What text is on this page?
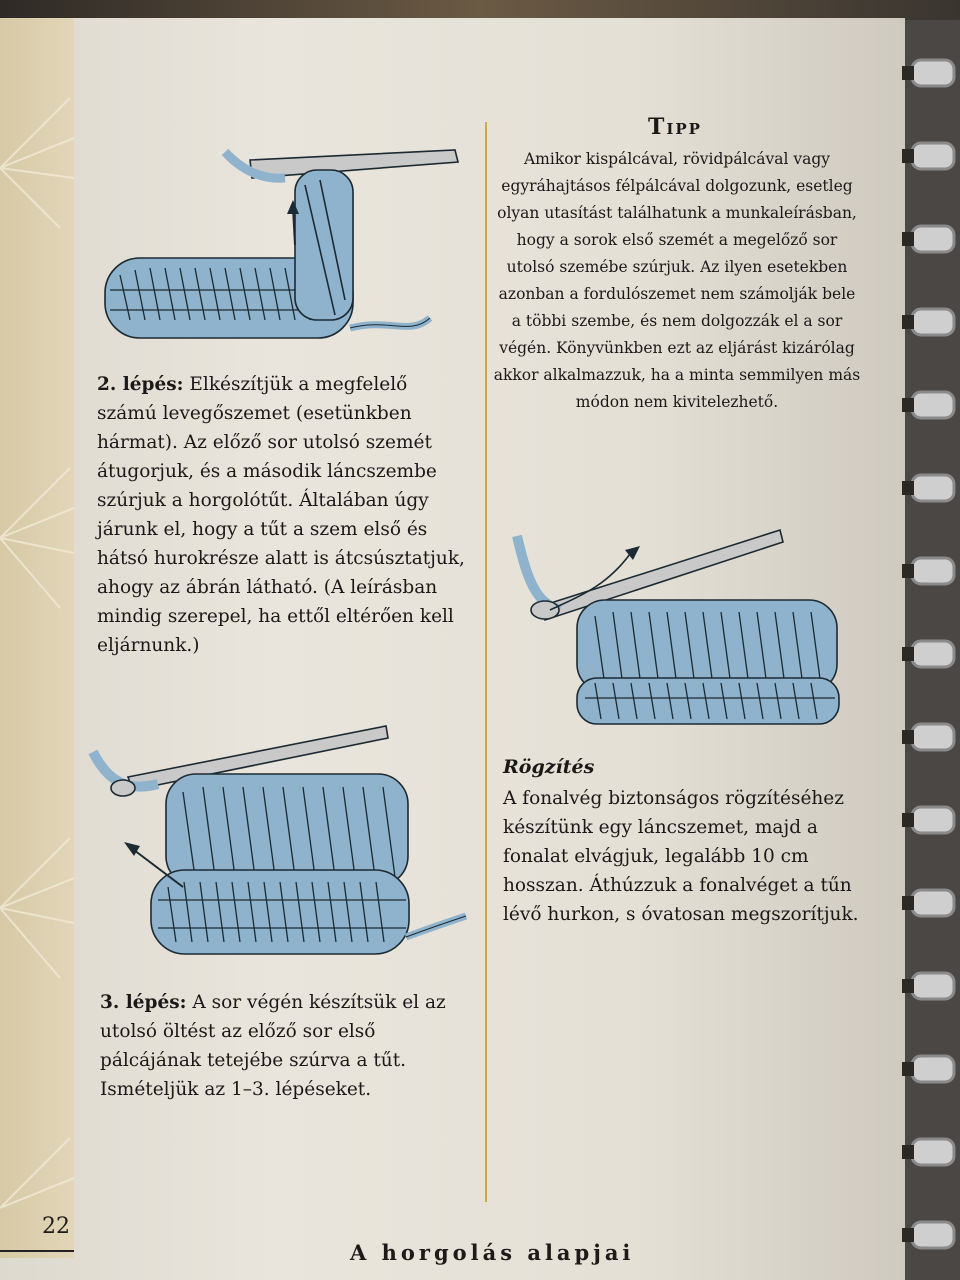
Tipp
Amikor kispálcával, rövidpálcával vagy egyráhajtásos félpálcával dolgozunk, esetleg olyan utasítást találhatunk a munkaleírásban, hogy a sorok első szemét a megelőző sor utolsó szemébe szúrjuk. Az ilyen esetekben azonban a fordulószemet nem számolják bele a többi szembe, és nem dolgozzák el a sor végén. Könyvünkben ezt az eljárást kizárólag akkor alkalmazzuk, ha a minta semmilyen más módon nem kivitelezhető.
2. lépés: Elkészítjük a megfelelő számú levegőszemet (esetünkben hármat). Az előző sor utolsó szemét átugorjuk, és a második láncszembe szúrjuk a horgolótűt. Általában úgy járunk el, hogy a tűt a szem első és hátsó hurokrésze alatt is átcsúsztatjuk, ahogy az ábrán látható. (A leírásban mindig szerepel, ha ettől eltérően kell eljárnunk.)
3. lépés: A sor végén készítsük el az utolsó öltést az előző sor első pálcájának tetejébe szúrva a tűt. Ismételjük az 1–3. lépéseket.
Rögzítés
A fonalvég biztonságos rögzítéséhez készítünk egy láncszemet, majd a fonalat elvágjuk, legalább 10 cm hosszan. Áthúzzuk a fonalvéget a tűn lévő hurkon, s óvatosan megszorítjuk.
22
A horgolás alapjai
